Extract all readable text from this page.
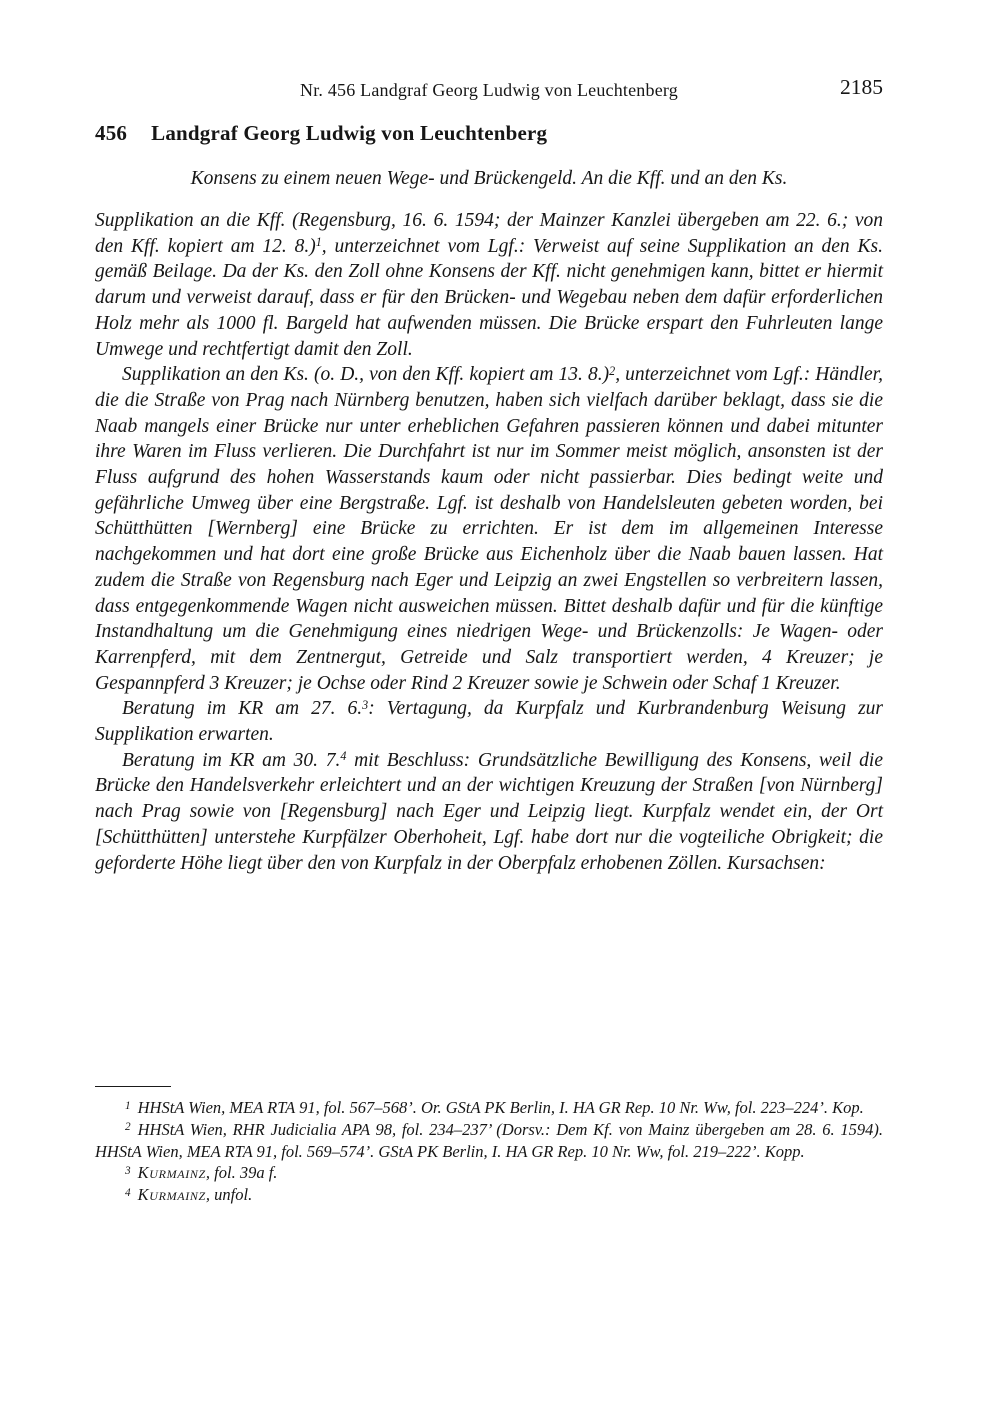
Nr. 456 Landgraf Georg Ludwig von Leuchtenberg	2185
456 Landgraf Georg Ludwig von Leuchtenberg

Konsens zu einem neuen Wege- und Brückengeld. An die Kff. und an den Ks.

Supplikation an die Kff. (Regensburg, 16. 6. 1594; der Mainzer Kanzlei übergeben am 22. 6.; von den Kff. kopiert am 12. 8.)$^1$, unterzeichnet vom Lgf.: Verweist auf seine Supplikation an den Ks. gemäß Beilage. Da der Ks. den Zoll ohne Konsens der Kff. nicht genehmigen kann, bittet er hiermit darum und verweist darauf, dass er für den Brücken- und Wegebau neben dem dafür erforderlichen Holz mehr als 1000 fl. Bargeld hat aufwenden müssen. Die Brücke erspart den Fuhrleuten lange Umwege und rechtfertigt damit den Zoll.

Supplikation an den Ks. (o. D., von den Kff. kopiert am 13. 8.)$^2$, unterzeichnet vom Lgf.: Händler, die die Straße von Prag nach Nürnberg benutzen, haben sich vielfach darüber beklagt, dass sie die Naab mangels einer Brücke nur unter erheblichen Gefahren passieren können und dabei mitunter ihre Waren im Fluss verlieren. Die Durchfahrt ist nur im Sommer meist möglich, ansonsten ist der Fluss aufgrund des hohen Wasserstands kaum oder nicht passierbar. Dies bedingt weite und gefährliche Umweg über eine Bergstraße. Lgf. ist deshalb von Handelsleuten gebeten worden, bei Schütthütten [Wernberg] eine Brücke zu errichten. Er ist dem im allgemeinen Interesse nachgekommen und hat dort eine große Brücke aus Eichenholz über die Naab bauen lassen. Hat zudem die Straße von Regensburg nach Eger und Leipzig an zwei Engstellen so verbreitern lassen, dass entgegenkommende Wagen nicht ausweichen müssen. Bittet deshalb dafür und für die künftige Instandhaltung um die Genehmigung eines niedrigen Wege- und Brückenzolls: Je Wagen- oder Karrenpferd, mit dem Zentnergut, Getreide und Salz transportiert werden, 4 Kreuzer; je Gespannpferd 3 Kreuzer; je Ochse oder Rind 2 Kreuzer sowie je Schwein oder Schaf 1 Kreuzer.

Beratung im KR am 27. 6.$^3$: Vertagung, da Kurpfalz und Kurbrandenburg Weisung zur Supplikation erwarten.

Beratung im KR am 30. 7.$^4$ mit Beschluss: Grundsätzliche Bewilligung des Konsens, weil die Brücke den Handelsverkehr erleichtert und an der wichtigen Kreuzung der Straßen [von Nürnberg] nach Prag sowie von [Regensburg] nach Eger und Leipzig liegt. Kurpfalz wendet ein, der Ort [Schütthütten] unterstehe Kurpfälzer Oberhoheit, Lgf. habe dort nur die vogteiliche Obrigkeit; die geforderte Höhe liegt über den von Kurpfalz in der Oberpfalz erhobenen Zöllen. Kursachsen:

$^1$ HHStA Wien, MEA RTA 91, fol. 567–568’. Or. GStA PK Berlin, I. HA GR Rep. 10 Nr. Ww, fol. 223–224’. Kop.

$^2$ HHStA Wien, RHR Judicialia APA 98, fol. 234–237’ (Dorsv.: Dem Kf. von Mainz übergeben am 28. 6. 1594). HHStA Wien, MEA RTA 91, fol. 569–574’. GStA PK Berlin, I. HA GR Rep. 10 Nr. Ww, fol. 219–222’. Kopp.

$^3$ Kurmainz, fol. 39a f.

$^4$ Kurmainz, unfol.
